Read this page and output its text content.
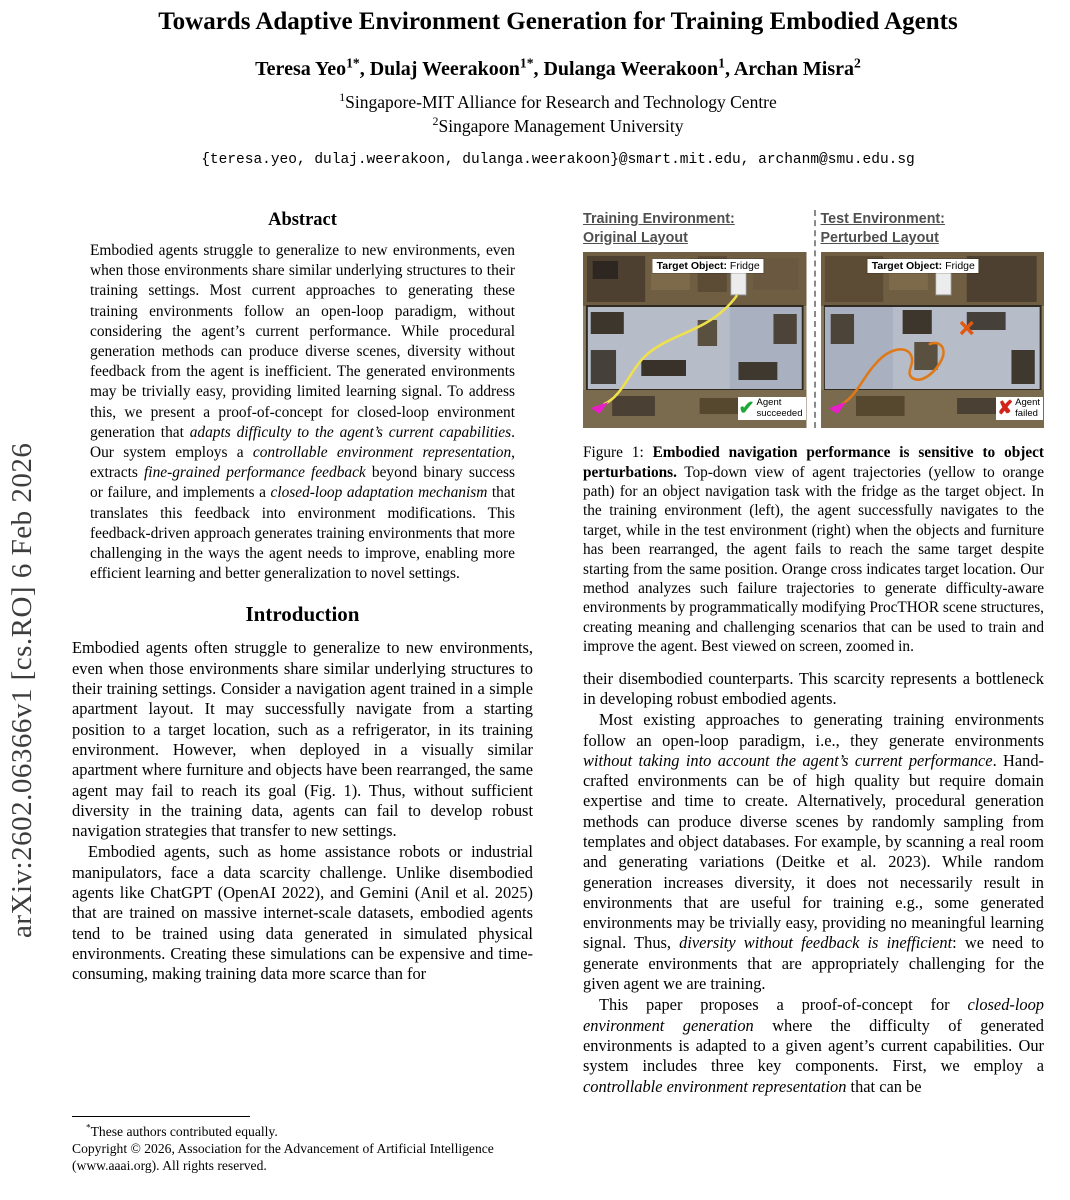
arXiv:2602.06366v1 [cs.RO] 6 Feb 2026
Towards Adaptive Environment Generation for Training Embodied Agents
Teresa Yeo$^{1*}$, Dulaj Weerakoon$^{1*}$, Dulanga Weerakoon$^1$, Archan Misra$^2$
$^1$Singapore-MIT Alliance for Research and Technology Centre
$^2$Singapore Management University
{teresa.yeo, dulaj.weerakoon, dulanga.weerakoon}@smart.mit.edu, archanm@smu.edu.sg
Abstract

Embodied agents struggle to generalize to new environments, even when those environments share similar underlying structures to their training settings. Most current approaches to generating these training environments follow an open-loop paradigm, without considering the agent’s current performance. While procedural generation methods can produce diverse scenes, diversity without feedback from the agent is inefficient. The generated environments may be trivially easy, providing limited learning signal. To address this, we present a proof-of-concept for closed-loop environment generation that adapts difficulty to the agent’s current capabilities. Our system employs a controllable environment representation, extracts fine-grained performance feedback beyond binary success or failure, and implements a closed-loop adaptation mechanism that translates this feedback into environment modifications. This feedback-driven approach generates training environments that more challenging in the ways the agent needs to improve, enabling more efficient learning and better generalization to novel settings.

Introduction

Embodied agents often struggle to generalize to new environments, even when those environments share similar underlying structures to their training settings. Consider a navigation agent trained in a simple apartment layout. It may successfully navigate from a starting position to a target location, such as a refrigerator, in its training environment. However, when deployed in a visually similar apartment where furniture and objects have been rearranged, the same agent may fail to reach its goal (Fig. 1). Thus, without sufficient diversity in the training data, agents can fail to develop robust navigation strategies that transfer to new settings.

Embodied agents, such as home assistance robots or industrial manipulators, face a data scarcity challenge. Unlike disembodied agents like ChatGPT (OpenAI 2022), and Gemini (Anil et al. 2025) that are trained on massive internet-scale datasets, embodied agents tend to be trained using data generated in simulated physical environments. Creating these simulations can be expensive and time-consuming, making training data more scarce than for

*These authors contributed equally.
Copyright © 2026, Association for the Advancement of Artificial Intelligence (www.aaai.org). All rights reserved.
Training Environment:
Original Layout
Target Object: Fridge
✔ Agent
succeeded
Test Environment:
Perturbed Layout
Target Object: Fridge
✘ Agent
failed
Figure 1: Embodied navigation performance is sensitive to object perturbations. Top-down view of agent trajectories (yellow to orange path) for an object navigation task with the fridge as the target object. In the training environment (left), the agent successfully navigates to the target, while in the test environment (right) when the objects and furniture has been rearranged, the agent fails to reach the same target despite starting from the same position. Orange cross indicates target location. Our method analyzes such failure trajectories to generate difficulty-aware environments by programmatically modifying ProcTHOR scene structures, creating meaning and challenging scenarios that can be used to train and improve the agent. Best viewed on screen, zoomed in.

their disembodied counterparts. This scarcity represents a bottleneck in developing robust embodied agents.

Most existing approaches to generating training environments follow an open-loop paradigm, i.e., they generate environments without taking into account the agent’s current performance. Hand-crafted environments can be of high quality but require domain expertise and time to create. Alternatively, procedural generation methods can produce diverse scenes by randomly sampling from templates and object databases. For example, by scanning a real room and generating variations (Deitke et al. 2023). While random generation increases diversity, it does not necessarily result in environments that are useful for training e.g., some generated environments may be trivially easy, providing no meaningful learning signal. Thus, diversity without feedback is inefficient: we need to generate environments that are appropriately challenging for the given agent we are training.

This paper proposes a proof-of-concept for closed-loop environment generation where the difficulty of generated environments is adapted to a given agent’s current capabilities. Our system includes three key components. First, we employ a controllable environment representation that can be
